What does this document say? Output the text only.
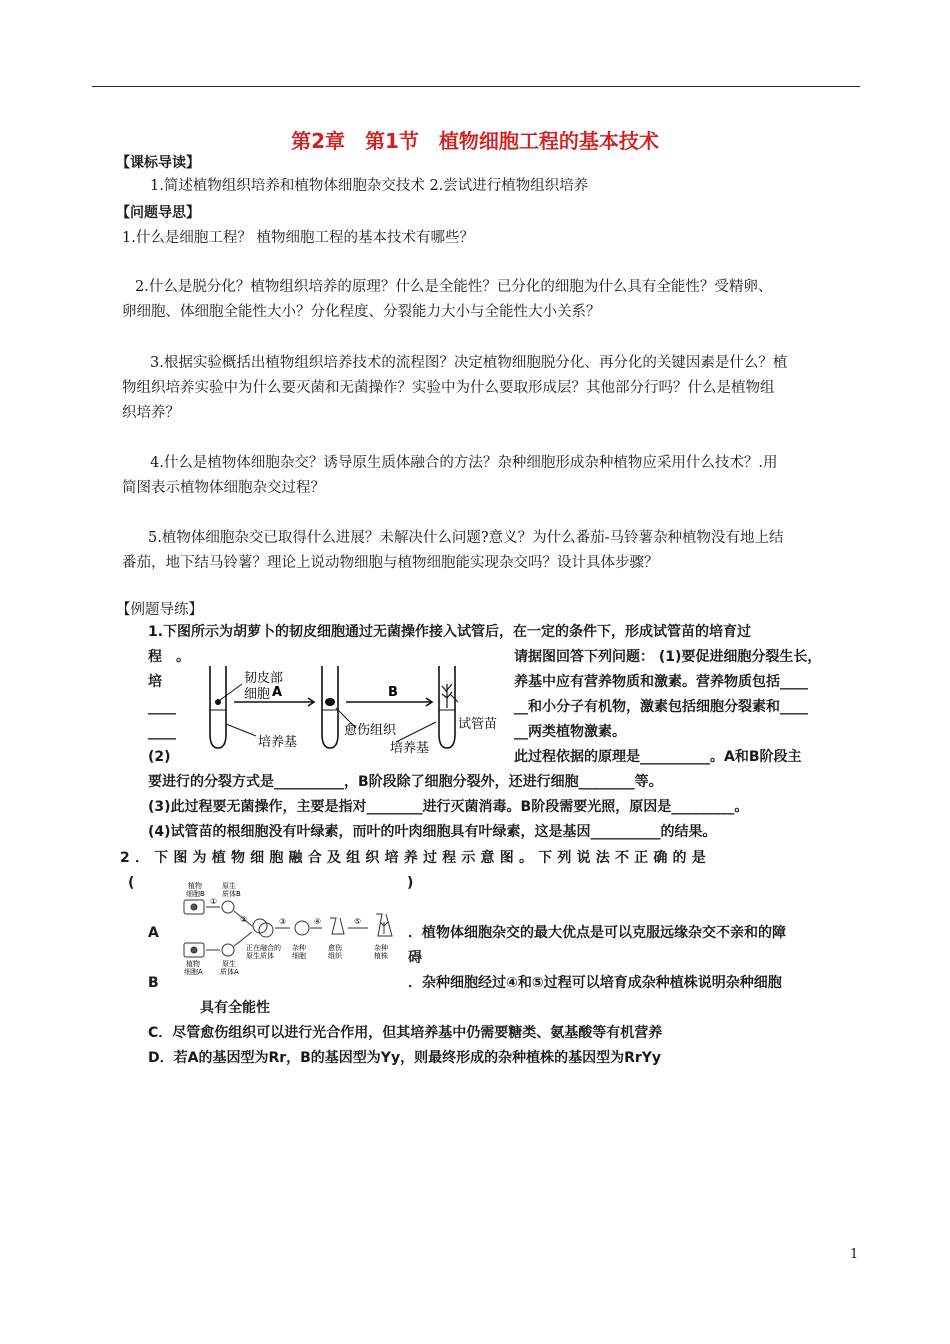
第2章　第1节　植物细胞工程的基本技术
【课标导读】
1.简述植物组织培养和植物体细胞杂交技术 2.尝试进行植物组织培养
【问题导思】
1.什么是细胞工程？ 植物细胞工程的基本技术有哪些？
2.什么是脱分化？植物组织培养的原理？什么是全能性？已分化的细胞为什么具有全能性？受精卵、
卵细胞、体细胞全能性大小？分化程度、分裂能力大小与全能性大小关系？
3.根据实验概括出植物组织培养技术的流程图？决定植物细胞脱分化、再分化的关键因素是什么？植
物组织培养实验中为什么要灭菌和无菌操作？实验中为什么要取形成层？其他部分行吗？什么是植物组
织培养？
4.什么是植物体细胞杂交？诱导原生质体融合的方法？杂种细胞形成杂种植物应采用什么技术？.用
简图表示植物体细胞杂交过程？
5.植物体细胞杂交已取得什么进展？未解决什么问题?意义？为什么番茄-马铃薯杂种植物没有地上结
番茄，地下结马铃薯？理论上说动物细胞与植物细胞能实现杂交吗？设计具体步骤？
【例题导练】
1.下图所示为胡萝卜的韧皮细胞通过无菌操作接入试管后，在一定的条件下，形成试管苗的培育过
程　。	请据图回答下列问题： (1)要促进细胞分裂生长，
培	养基中应有营养物质和激素。营养物质包括____
____	__和小分子有机物，激素包括细胞分裂素和____
____	__两类植物激素。
(2)	此过程依据的原理是__________。A和B阶段主
要进行的分裂方式是__________，B阶段除了细胞分裂外，还进行细胞________等。
(3)此过程要无菌操作，主要是指对________进行灭菌消毒。B阶段需要光照，原因是_________。
(4)试管苗的根细胞没有叶绿素，而叶的叶肉细胞具有叶绿素，这是基因__________的结果。
韧皮部
细胞 A	B
愈伤组织	试管苗
培养基	培养基
2．下图为植物细胞融合及组织培养过程示意图。下列说法不正确的是
(	)
植物
细胞B
原生
质体B
①
②	③	④	⑤
植物
细胞A
原生
质体A
正在融合的
原生质体
杂种
细胞
愈伤
组织
杂种
植株
A	．植物体细胞杂交的最大优点是可以克服远缘杂交不亲和的障
碍
B	．杂种细胞经过④和⑤过程可以培育成杂种植株说明杂种细胞
具有全能性
C．尽管愈伤组织可以进行光合作用，但其培养基中仍需要糖类、氨基酸等有机营养
D．若A的基因型为Rr，B的基因型为Yy，则最终形成的杂种植株的基因型为RrYy
1
